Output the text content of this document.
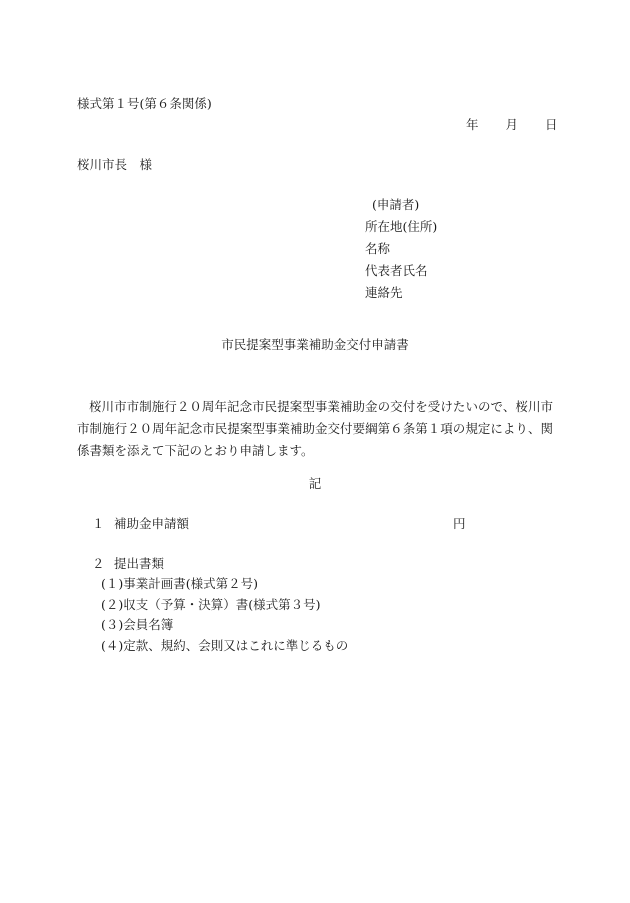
様式第１号(第６条関係)
年 月 日
桜川市長　様
(申請者)
所在地(住所)
名称
代表者氏名
連絡先
市民提案型事業補助金交付申請書
桜川市市制施行２０周年記念市民提案型事業補助金の交付を受けたいので、桜川市市制施行２０周年記念市民提案型事業補助金交付要綱第６条第１項の規定により、関係書類を添えて下記のとおり申請します。
記
１ 補助金申請額	円
２ 提出書類
(１)事業計画書(様式第２号)
(２)収支（予算・決算）書(様式第３号)
(３)会員名簿
(４)定款、規約、会則又はこれに準じるもの
